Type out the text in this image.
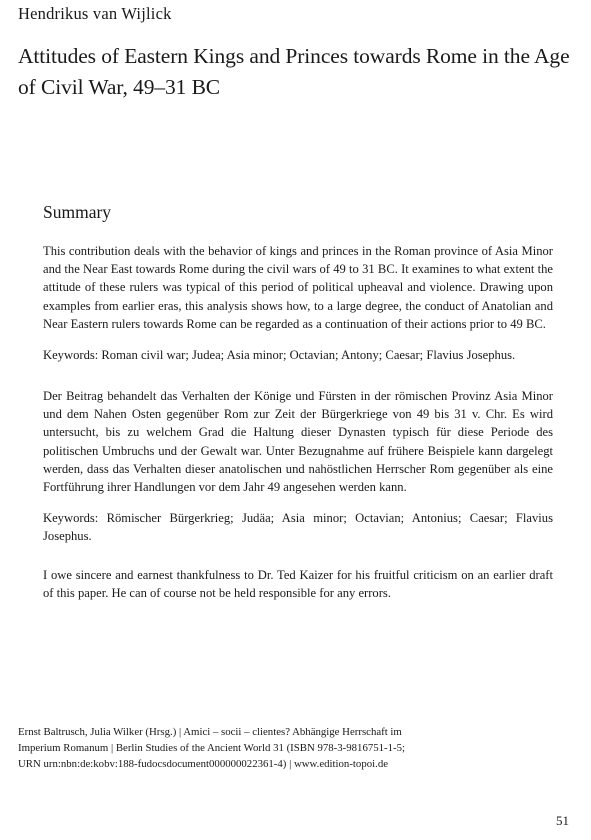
Hendrikus van Wijlick
Attitudes of Eastern Kings and Princes towards Rome in the Age of Civil War, 49–31 BC
Summary

This contribution deals with the behavior of kings and princes in the Roman province of Asia Minor and the Near East towards Rome during the civil wars of 49 to 31 BC. It examines to what extent the attitude of these rulers was typical of this period of political upheaval and violence. Drawing upon examples from earlier eras, this analysis shows how, to a large degree, the conduct of Anatolian and Near Eastern rulers towards Rome can be regarded as a continuation of their actions prior to 49 BC.

Keywords: Roman civil war; Judea; Asia minor; Octavian; Antony; Caesar; Flavius Josephus.

Der Beitrag behandelt das Verhalten der Könige und Fürsten in der römischen Provinz Asia Minor und dem Nahen Osten gegenüber Rom zur Zeit der Bürgerkriege von 49 bis 31 v. Chr. Es wird untersucht, bis zu welchem Grad die Haltung dieser Dynasten typisch für diese Periode des politischen Umbruchs und der Gewalt war. Unter Bezugnahme auf frühere Beispiele kann dargelegt werden, dass das Verhalten dieser anatolischen und nahöstlichen Herrscher Rom gegenüber als eine Fortführung ihrer Handlungen vor dem Jahr 49 angesehen werden kann.

Keywords: Römischer Bürgerkrieg; Judäa; Asia minor; Octavian; Antonius; Caesar; Flavius Josephus.

I owe sincere and earnest thankfulness to Dr. Ted Kaizer for his fruitful criticism on an earlier draft of this paper. He can of course not be held responsible for any errors.

Ernst Baltrusch, Julia Wilker (Hrsg.) | Amici – socii – clientes? Abhängige Herrschaft im
Imperium Romanum | Berlin Studies of the Ancient World 31 (ISBN 978-3-9816751-1-5;
URN urn:nbn:de:kobv:188-fudocsdocument000000022361-4) | www.edition-topoi.de
51
